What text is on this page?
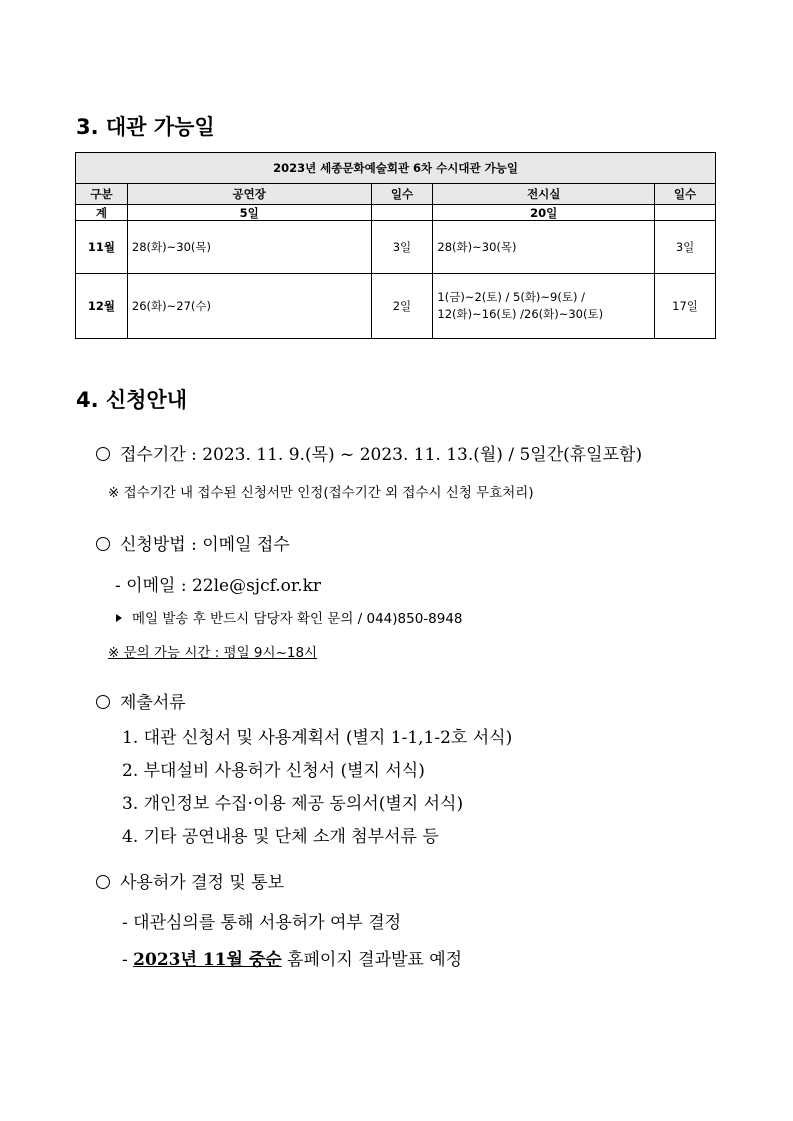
3. 대관 가능일
2023년 세종문화예술회관 6차 수시대관 가능일				
구분	공연장	일수	전시실	일수
계	5일		20일	
11월	28(화)~30(목)	3일	28(화)~30(목)	3일
12월	26(화)~27(수)	2일	1(금)~2(토) / 5(화)~9(토) /
12(화)~16(토) /26(화)~30(토)	17일
4. 신청안내
접수기간 : 2023. 11. 9.(목) ~ 2023. 11. 13.(월) / 5일간(휴일포함)
※ 접수기간 내 접수된 신청서만 인정(접수기간 외 접수시 신청 무효처리)
신청방법 : 이메일 접수
- 이메일 : 22le@sjcf.or.kr
메일 발송 후 반드시 담당자 확인 문의 / 044)850-8948
※ 문의 가능 시간 : 평일 9시~18시
제출서류
1. 대관 신청서 및 사용계획서 (별지 1-1,1-2호 서식)
2. 부대설비 사용허가 신청서 (별지 서식)
3. 개인정보 수집·이용 제공 동의서(별지 서식)
4. 기타 공연내용 및 단체 소개 첨부서류 등
사용허가 결정 및 통보
- 대관심의를 통해 서용허가 여부 결정
- 2023년 11월 중순 홈페이지 결과발표 예정
